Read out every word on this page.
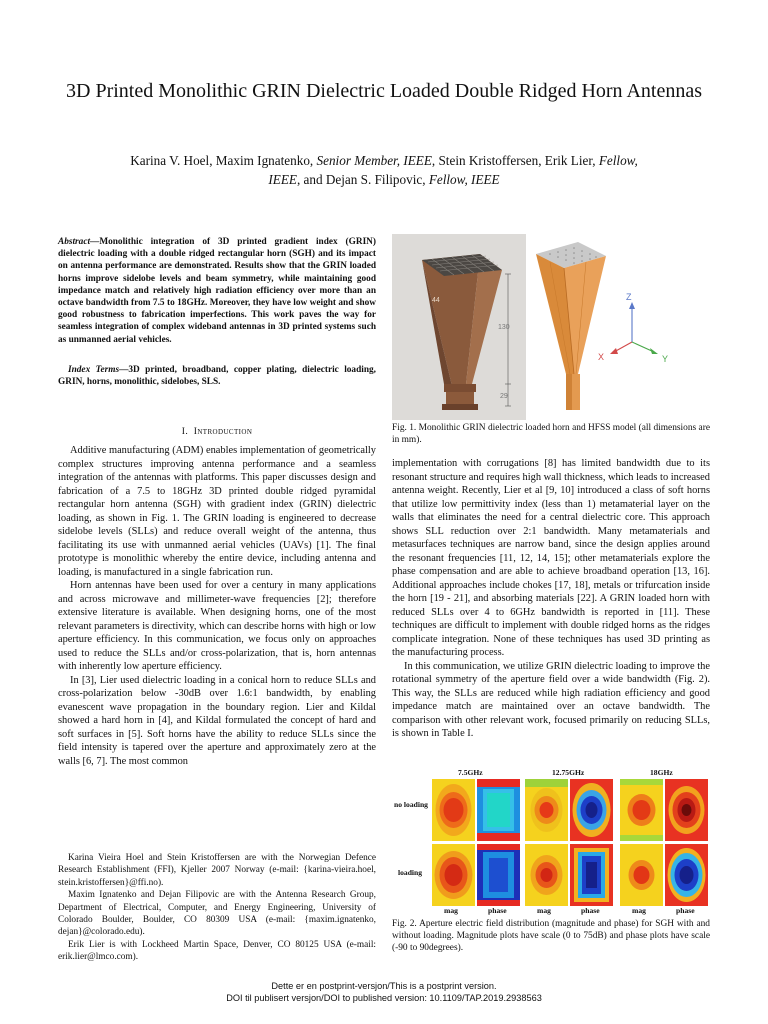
3D Printed Monolithic GRIN Dielectric Loaded Double Ridged Horn Antennas
Karina V. Hoel, Maxim Ignatenko, Senior Member, IEEE, Stein Kristoffersen, Erik Lier, Fellow,
IEEE, and Dejan S. Filipovic, Fellow, IEEE
Abstract—Monolithic integration of 3D printed gradient index (GRIN) dielectric loading with a double ridged rectangular horn (SGH) and its impact on antenna performance are demonstrated. Results show that the GRIN loaded horns improve sidelobe levels and beam symmetry, while maintaining good impedance match and relatively high radiation efficiency over more than an octave bandwidth from 7.5 to 18GHz. Moreover, they have low weight and show good robustness to fabrication imperfections. This work paves the way for seamless integration of complex wideband antennas in 3D printed systems such as unmanned aerial vehicles.
Index Terms—3D printed, broadband, copper plating, dielectric loading, GRIN, horns, monolithic, sidelobes, SLS.
I. Introduction

Additive manufacturing (ADM) enables implementation of geometrically complex structures improving antenna performance and a seamless integration of the antennas with platforms. This paper discusses design and fabrication of a 7.5 to 18GHz 3D printed double ridged pyramidal rectangular horn antenna (SGH) with gradient index (GRIN) dielectric loading, as shown in Fig. 1. The GRIN loading is engineered to decrease sidelobe levels (SLLs) and reduce overall weight of the antenna, thus facilitating its use with unmanned aerial vehicles (UAVs) [1]. The final prototype is monolithic whereby the entire device, including antenna and loading, is manufactured in a single fabrication run.

Horn antennas have been used for over a century in many applications and across microwave and millimeter-wave frequencies [2]; therefore extensive literature is available. When designing horns, one of the most relevant parameters is directivity, which can describe horns with high or low aperture efficiency. In this communication, we focus only on approaches used to reduce the SLLs and/or cross-polarization, that is, horn antennas with inherently low aperture efficiency.

In [3], Lier used dielectric loading in a conical horn to reduce SLLs and cross-polarization below -30dB over 1.6:1 bandwidth, by enabling evanescent wave propagation in the boundary region. Lier and Kildal showed a hard horn in [4], and Kildal formulated the concept of hard and soft surfaces in [5]. Soft horns have the ability to reduce SLLs since the field intensity is tapered over the aperture and approximately zero at the walls [6, 7]. The most common

Karina Vieira Hoel and Stein Kristoffersen are with the Norwegian Defence Research Establishment (FFI), Kjeller 2007 Norway (e-mail: {karina-vieira.hoel, stein.kristoffersen}@ffi.no).

Maxim Ignatenko and Dejan Filipovic are with the Antenna Research Group, Department of Electrical, Computer, and Energy Engineering, University of Colorado Boulder, Boulder, CO 80309 USA (e-mail: {maxim.ignatenko, dejan}@colorado.edu).

Erik Lier is with Lockheed Martin Space, Denver, CO 80125 USA (e-mail: erik.lier@lmco.com).

44
130
29
Z
X	Y
Fig. 1. Monolithic GRIN dielectric loaded horn and HFSS model (all dimensions are in mm).

implementation with corrugations [8] has limited bandwidth due to its resonant structure and requires high wall thickness, which leads to increased antenna weight. Recently, Lier et al [9, 10] introduced a class of soft horns that utilize low permittivity index (less than 1) metamaterial layer on the walls that eliminates the need for a central dielectric core. This approach shows SLL reduction over 2:1 bandwidth. Many metamaterials and metasurfaces techniques are narrow band, since the design applies around the resonant frequencies [11, 12, 14, 15]; other metamaterials explore the phase compensation and are able to achieve broadband operation [13, 16]. Additional approaches include chokes [17, 18], metals or trifurcation inside the horn [19 - 21], and absorbing materials [22]. A GRIN loaded horn with reduced SLLs over 4 to 6GHz bandwidth is reported in [11]. These techniques are difficult to implement with double ridged horns as the ridges complicate integration. None of these techniques has used 3D printing as the manufacturing process.

In this communication, we utilize GRIN dielectric loading to improve the rotational symmetry of the aperture field over a wide bandwidth (Fig. 2). This way, the SLLs are reduced while high radiation efficiency and good impedance match are maintained over an octave bandwidth. The comparison with other relevant work, focused primarily on reducing SLLs, is shown in Table I.

7.5GHz	12.75GHz	18GHz
no loading
loading
mag	phase	mag	phase	mag	phase
Fig. 2. Aperture electric field distribution (magnitude and phase) for SGH with and without loading. Magnitude plots have scale (0 to 75dB) and phase plots have scale (-90 to 90degrees).
Dette er en postprint-versjon/This is a postprint version.
DOI til publisert versjon/DOI to published version: 10.1109/TAP.2019.2938563
